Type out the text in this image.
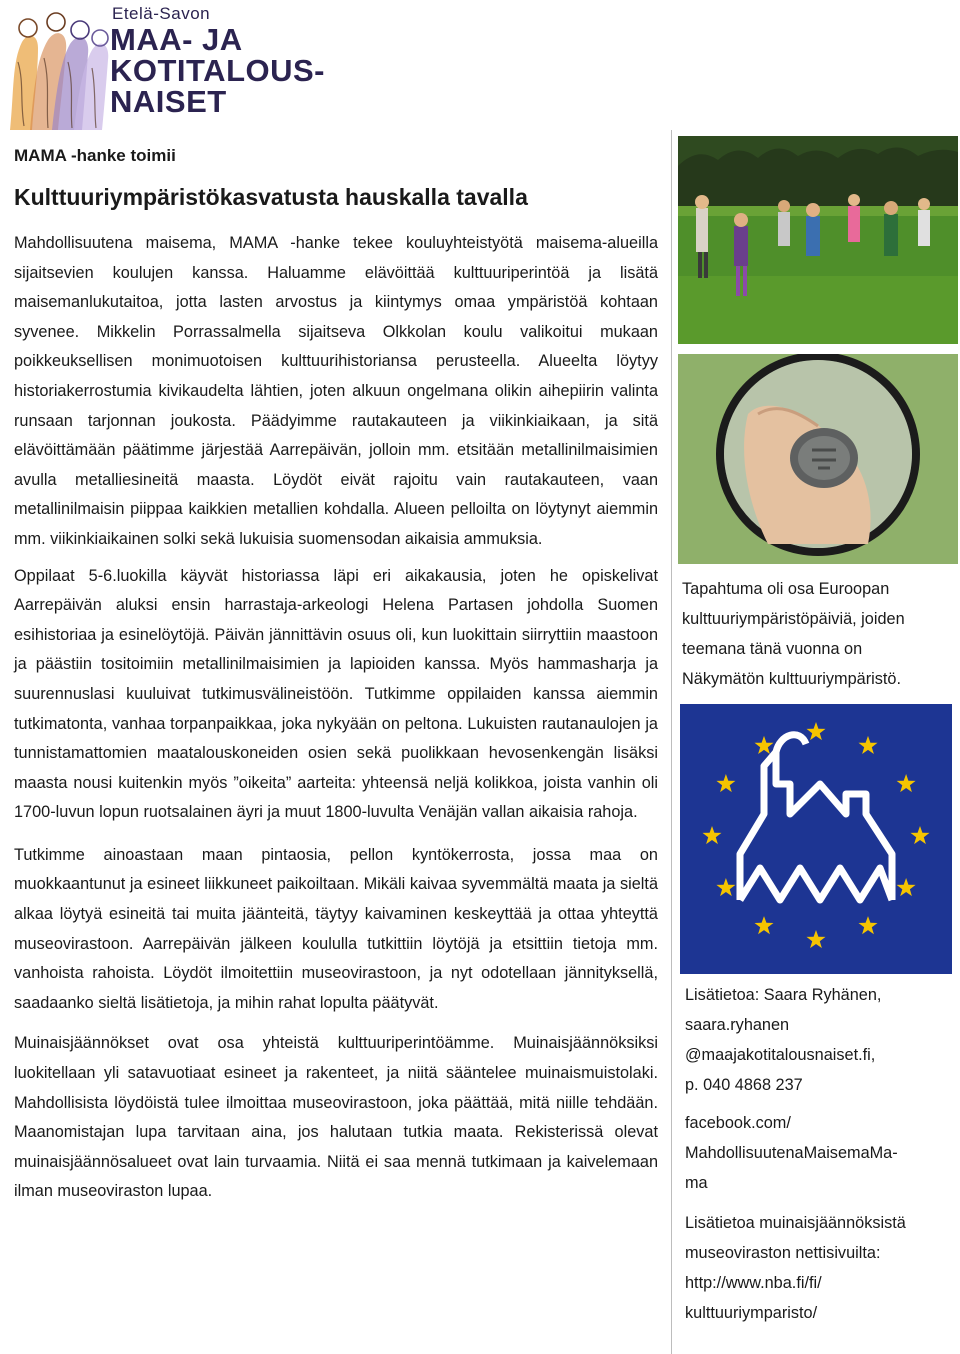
Etelä-Savon
MAA- JA
KOTITALOUS-
NAISET
MAMA -hanke toimii
Kulttuuriympäristökasvatusta hauskalla tavalla

Mahdollisuutena maisema, MAMA -hanke tekee kouluyhteistyötä maisema-alueilla sijaitsevien koulujen kanssa. Haluamme elävöittää kulttuuriperintöä ja lisätä maisemanlukutaitoa, jotta lasten arvostus ja kiintymys omaa ympäristöä kohtaan syvenee. Mikkelin Porrassalmella sijaitseva Olkkolan koulu valikoitui mukaan poikkeuksellisen monimuotoisen kulttuurihistoriansa perusteella. Alueelta löytyy historiakerrostumia kivikaudelta lähtien, joten alkuun ongelmana olikin aihepiirin valinta runsaan tarjonnan joukosta. Päädyimme rautakauteen ja viikinkiaikaan, ja sitä elävöittämään päätimme järjestää Aarrepäivän, jolloin mm. etsitään metallinilmaisimien avulla metalliesineitä maasta. Löydöt eivät rajoitu vain rautakauteen, vaan metallinilmaisin piippaa kaikkien metallien kohdalla. Alueen pelloilta on löytynyt aiemmin mm. viikinkiaikainen solki sekä lukuisia suomensodan aikaisia ammuksia.

Oppilaat 5-6.luokilla käyvät historiassa läpi eri aikakausia, joten he opiskelivat Aarrepäivän aluksi ensin harrastaja-arkeologi Helena Partasen johdolla Suomen esihistoriaa ja esinelöytöjä. Päivän jännittävin osuus oli, kun luokittain siirryttiin maastoon ja päästiin tositoimiin metallinilmaisimien ja lapioiden kanssa. Myös hammasharja ja suurennuslasi kuuluivat tutkimusvälineistöön. Tutkimme oppilaiden kanssa aiemmin tutkimatonta, vanhaa torpanpaikkaa, joka nykyään on peltona. Lukuisten rautanaulojen ja tunnistamattomien maatalouskoneiden osien sekä puolikkaan hevosenkengän lisäksi maasta nousi kuitenkin myös ”oikeita” aarteita: yhteensä neljä kolikkoa, joista vanhin oli 1700-luvun lopun ruotsalainen äyri ja muut 1800-luvulta Venäjän vallan aikaisia rahoja.

Tutkimme ainoastaan maan pintaosia, pellon kyntökerrosta, jossa maa on muokkaantunut ja esineet liikkuneet paikoiltaan. Mikäli kaivaa syvemmältä maata ja sieltä alkaa löytyä esineitä tai muita jäänteitä, täytyy kaivaminen keskeyttää ja ottaa yhteyttä museovirastoon. Aarrepäivän jälkeen koululla tutkittiin löytöjä ja etsittiin tietoja mm. vanhoista rahoista. Löydöt ilmoitettiin museovirastoon, ja nyt odotellaan jännityksellä, saadaanko sieltä lisätietoja, ja mihin rahat lopulta päätyvät.

Muinaisjäännökset ovat osa yhteistä kulttuuriperintöämme. Muinaisjäännöksiksi luokitellaan yli satavuotiaat esineet ja rakenteet, ja niitä sääntelee muinaismuistolaki. Mahdollisista löydöistä tulee ilmoittaa museovirastoon, joka päättää, mitä niille tehdään. Maanomistajan lupa tarvitaan aina, jos halutaan tutkia maata. Rekisterissä olevat muinaisjäännösalueet ovat lain turvaamia. Niitä ei saa mennä tutkimaan ja kaivelemaan ilman museoviraston lupaa.

Tapahtuma oli osa Euroopan kulttuuriympäristöpäiviä, joiden teemana tänä vuonna on Näkymätön kulttuuriympäristö.
Lisätietoa: Saara Ryhänen,
saara.ryhanen
@maajakotitalousnaiset.fi,
p. 040 4868 237
facebook.com/
MahdollisuutenaMaisemaMa-
ma
Lisätietoa muinaisjäännöksistä
museoviraston nettisivuilta:
http://www.nba.fi/fi/
kulttuuriymparisto/
